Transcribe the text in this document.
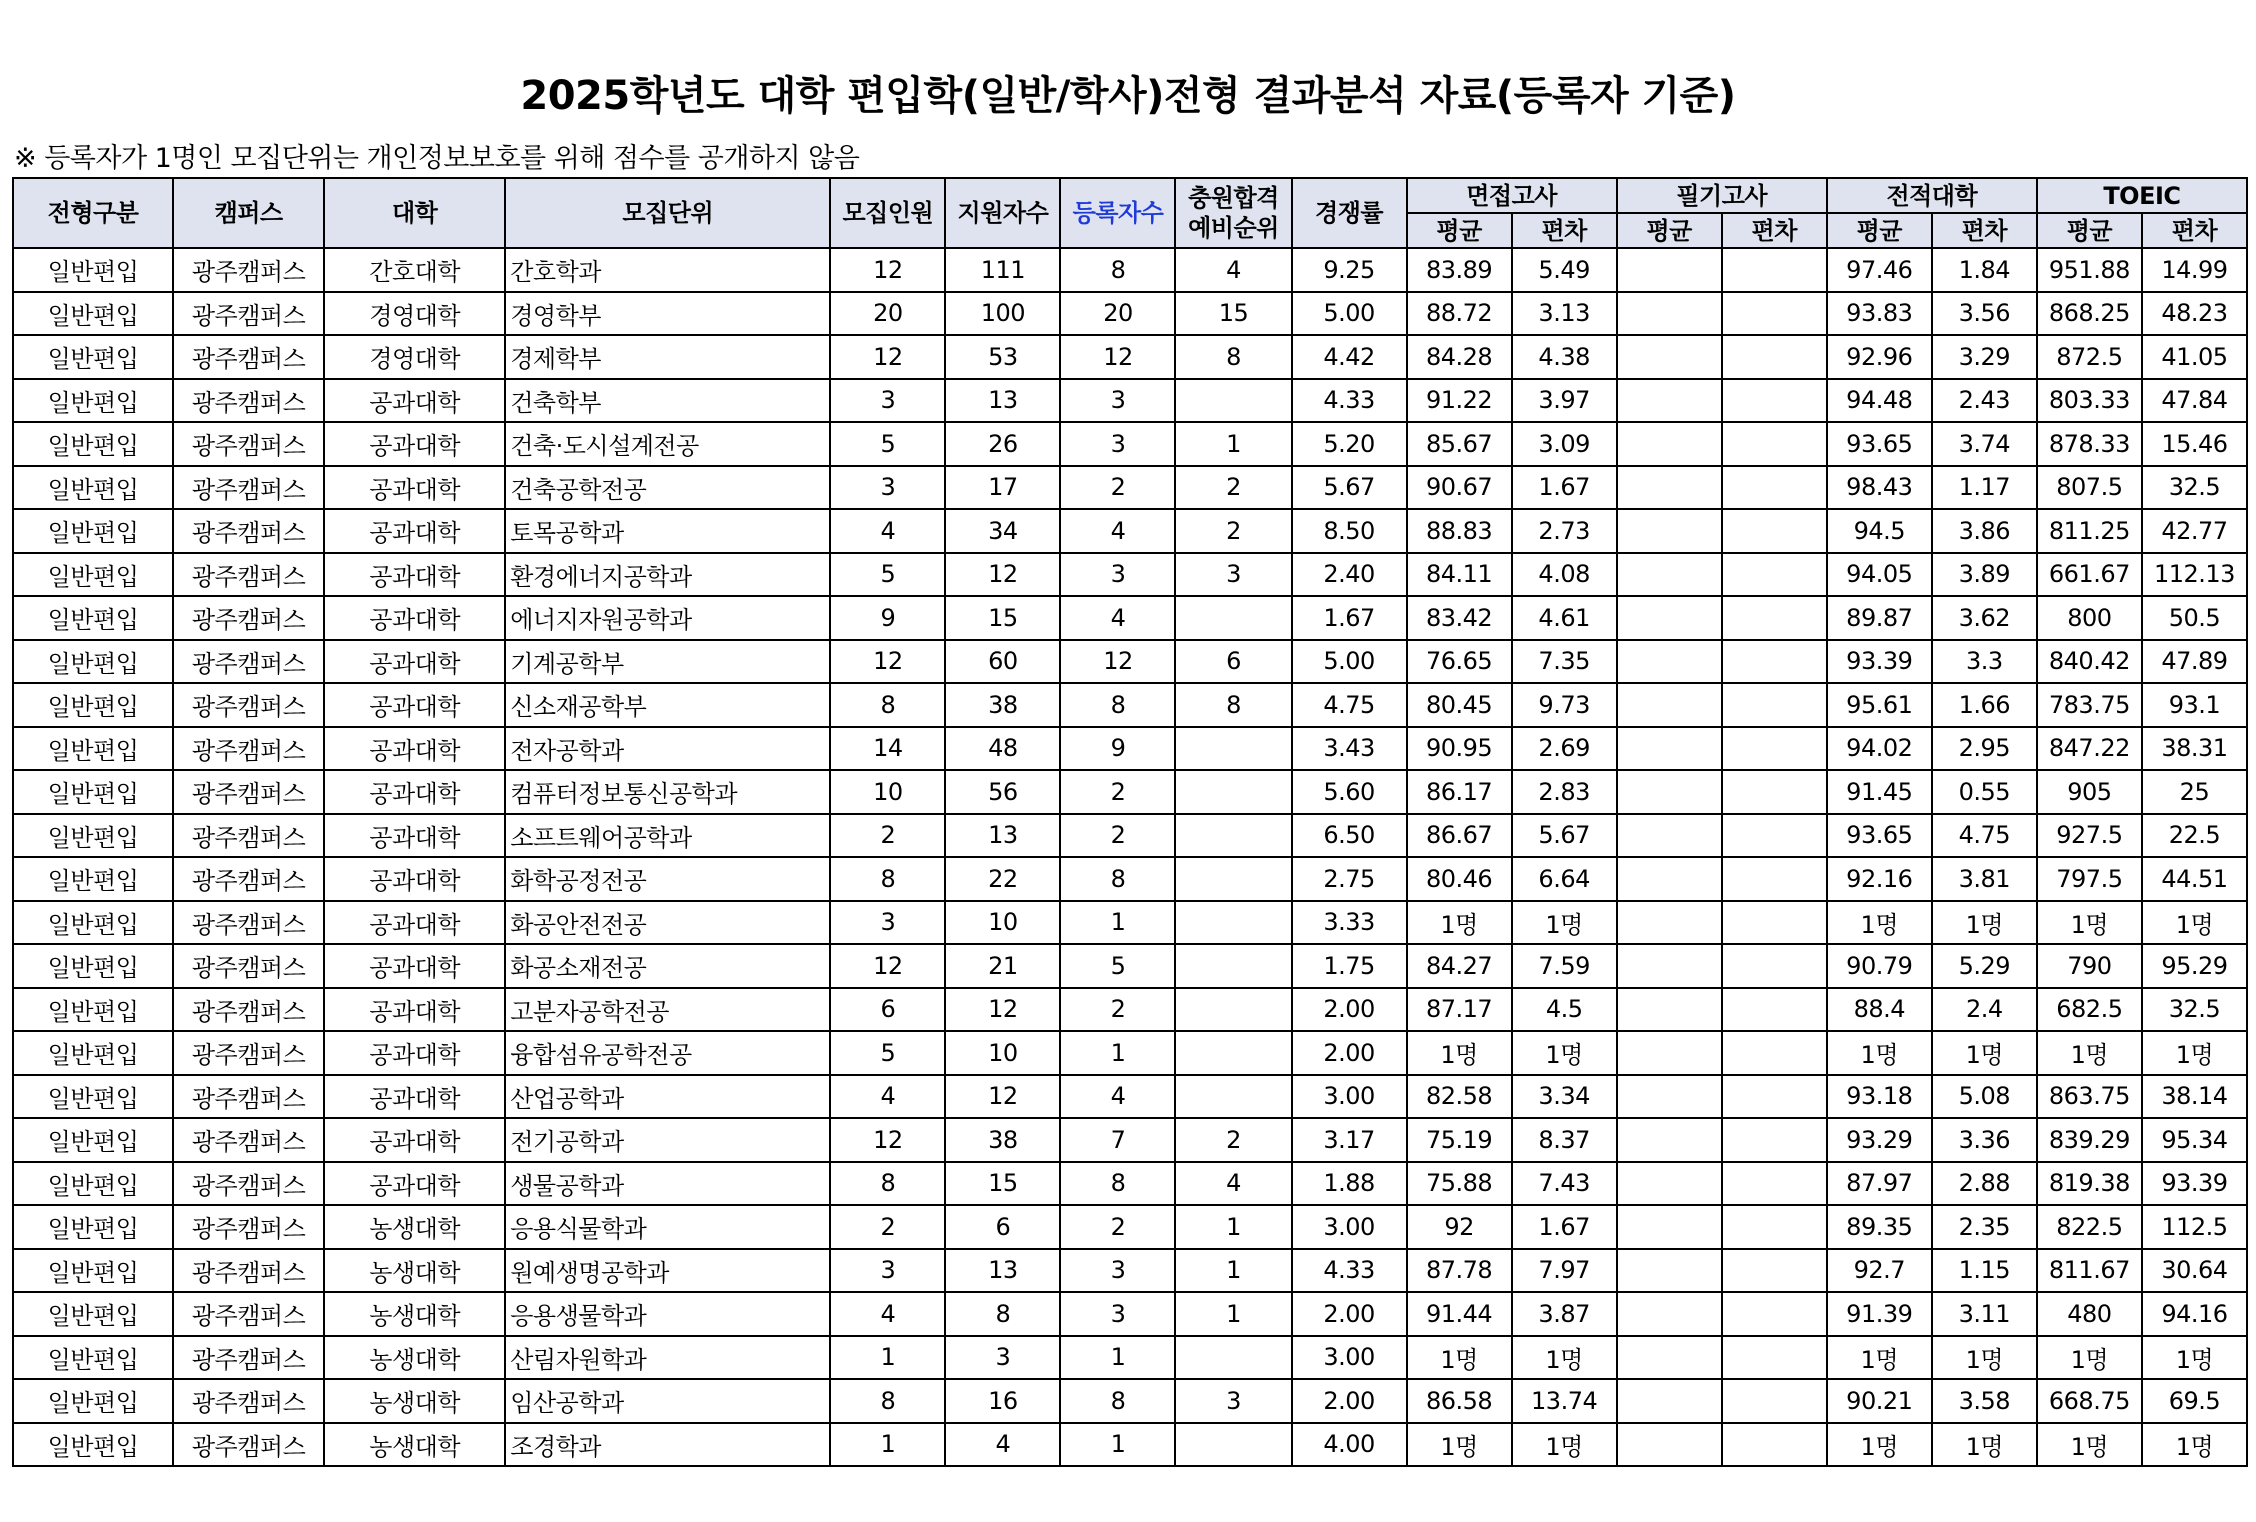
2025학년도 대학 편입학(일반/학사)전형 결과분석 자료(등록자 기준)
※ 등록자가 1명인 모집단위는 개인정보보호를 위해 점수를 공개하지 않음
전형구분	캠퍼스	대학	모집단위	모집인원	지원자수	등록자수	충원합격
예비순위	경쟁률	면접고사		필기고사		전적대학		TOEIC	
									평균	편차	평균	편차	평균	편차	평균	편차
일반편입	광주캠퍼스	간호대학	간호학과	12	111	8	4	9.25	83.89	5.49			97.46	1.84	951.88	14.99
일반편입	광주캠퍼스	경영대학	경영학부	20	100	20	15	5.00	88.72	3.13			93.83	3.56	868.25	48.23
일반편입	광주캠퍼스	경영대학	경제학부	12	53	12	8	4.42	84.28	4.38			92.96	3.29	872.5	41.05
일반편입	광주캠퍼스	공과대학	건축학부	3	13	3		4.33	91.22	3.97			94.48	2.43	803.33	47.84
일반편입	광주캠퍼스	공과대학	건축·도시설계전공	5	26	3	1	5.20	85.67	3.09			93.65	3.74	878.33	15.46
일반편입	광주캠퍼스	공과대학	건축공학전공	3	17	2	2	5.67	90.67	1.67			98.43	1.17	807.5	32.5
일반편입	광주캠퍼스	공과대학	토목공학과	4	34	4	2	8.50	88.83	2.73			94.5	3.86	811.25	42.77
일반편입	광주캠퍼스	공과대학	환경에너지공학과	5	12	3	3	2.40	84.11	4.08			94.05	3.89	661.67	112.13
일반편입	광주캠퍼스	공과대학	에너지자원공학과	9	15	4		1.67	83.42	4.61			89.87	3.62	800	50.5
일반편입	광주캠퍼스	공과대학	기계공학부	12	60	12	6	5.00	76.65	7.35			93.39	3.3	840.42	47.89
일반편입	광주캠퍼스	공과대학	신소재공학부	8	38	8	8	4.75	80.45	9.73			95.61	1.66	783.75	93.1
일반편입	광주캠퍼스	공과대학	전자공학과	14	48	9		3.43	90.95	2.69			94.02	2.95	847.22	38.31
일반편입	광주캠퍼스	공과대학	컴퓨터정보통신공학과	10	56	2		5.60	86.17	2.83			91.45	0.55	905	25
일반편입	광주캠퍼스	공과대학	소프트웨어공학과	2	13	2		6.50	86.67	5.67			93.65	4.75	927.5	22.5
일반편입	광주캠퍼스	공과대학	화학공정전공	8	22	8		2.75	80.46	6.64			92.16	3.81	797.5	44.51
일반편입	광주캠퍼스	공과대학	화공안전전공	3	10	1		3.33	1명	1명			1명	1명	1명	1명
일반편입	광주캠퍼스	공과대학	화공소재전공	12	21	5		1.75	84.27	7.59			90.79	5.29	790	95.29
일반편입	광주캠퍼스	공과대학	고분자공학전공	6	12	2		2.00	87.17	4.5			88.4	2.4	682.5	32.5
일반편입	광주캠퍼스	공과대학	융합섬유공학전공	5	10	1		2.00	1명	1명			1명	1명	1명	1명
일반편입	광주캠퍼스	공과대학	산업공학과	4	12	4		3.00	82.58	3.34			93.18	5.08	863.75	38.14
일반편입	광주캠퍼스	공과대학	전기공학과	12	38	7	2	3.17	75.19	8.37			93.29	3.36	839.29	95.34
일반편입	광주캠퍼스	공과대학	생물공학과	8	15	8	4	1.88	75.88	7.43			87.97	2.88	819.38	93.39
일반편입	광주캠퍼스	농생대학	응용식물학과	2	6	2	1	3.00	92	1.67			89.35	2.35	822.5	112.5
일반편입	광주캠퍼스	농생대학	원예생명공학과	3	13	3	1	4.33	87.78	7.97			92.7	1.15	811.67	30.64
일반편입	광주캠퍼스	농생대학	응용생물학과	4	8	3	1	2.00	91.44	3.87			91.39	3.11	480	94.16
일반편입	광주캠퍼스	농생대학	산림자원학과	1	3	1		3.00	1명	1명			1명	1명	1명	1명
일반편입	광주캠퍼스	농생대학	임산공학과	8	16	8	3	2.00	86.58	13.74			90.21	3.58	668.75	69.5
일반편입	광주캠퍼스	농생대학	조경학과	1	4	1		4.00	1명	1명			1명	1명	1명	1명
